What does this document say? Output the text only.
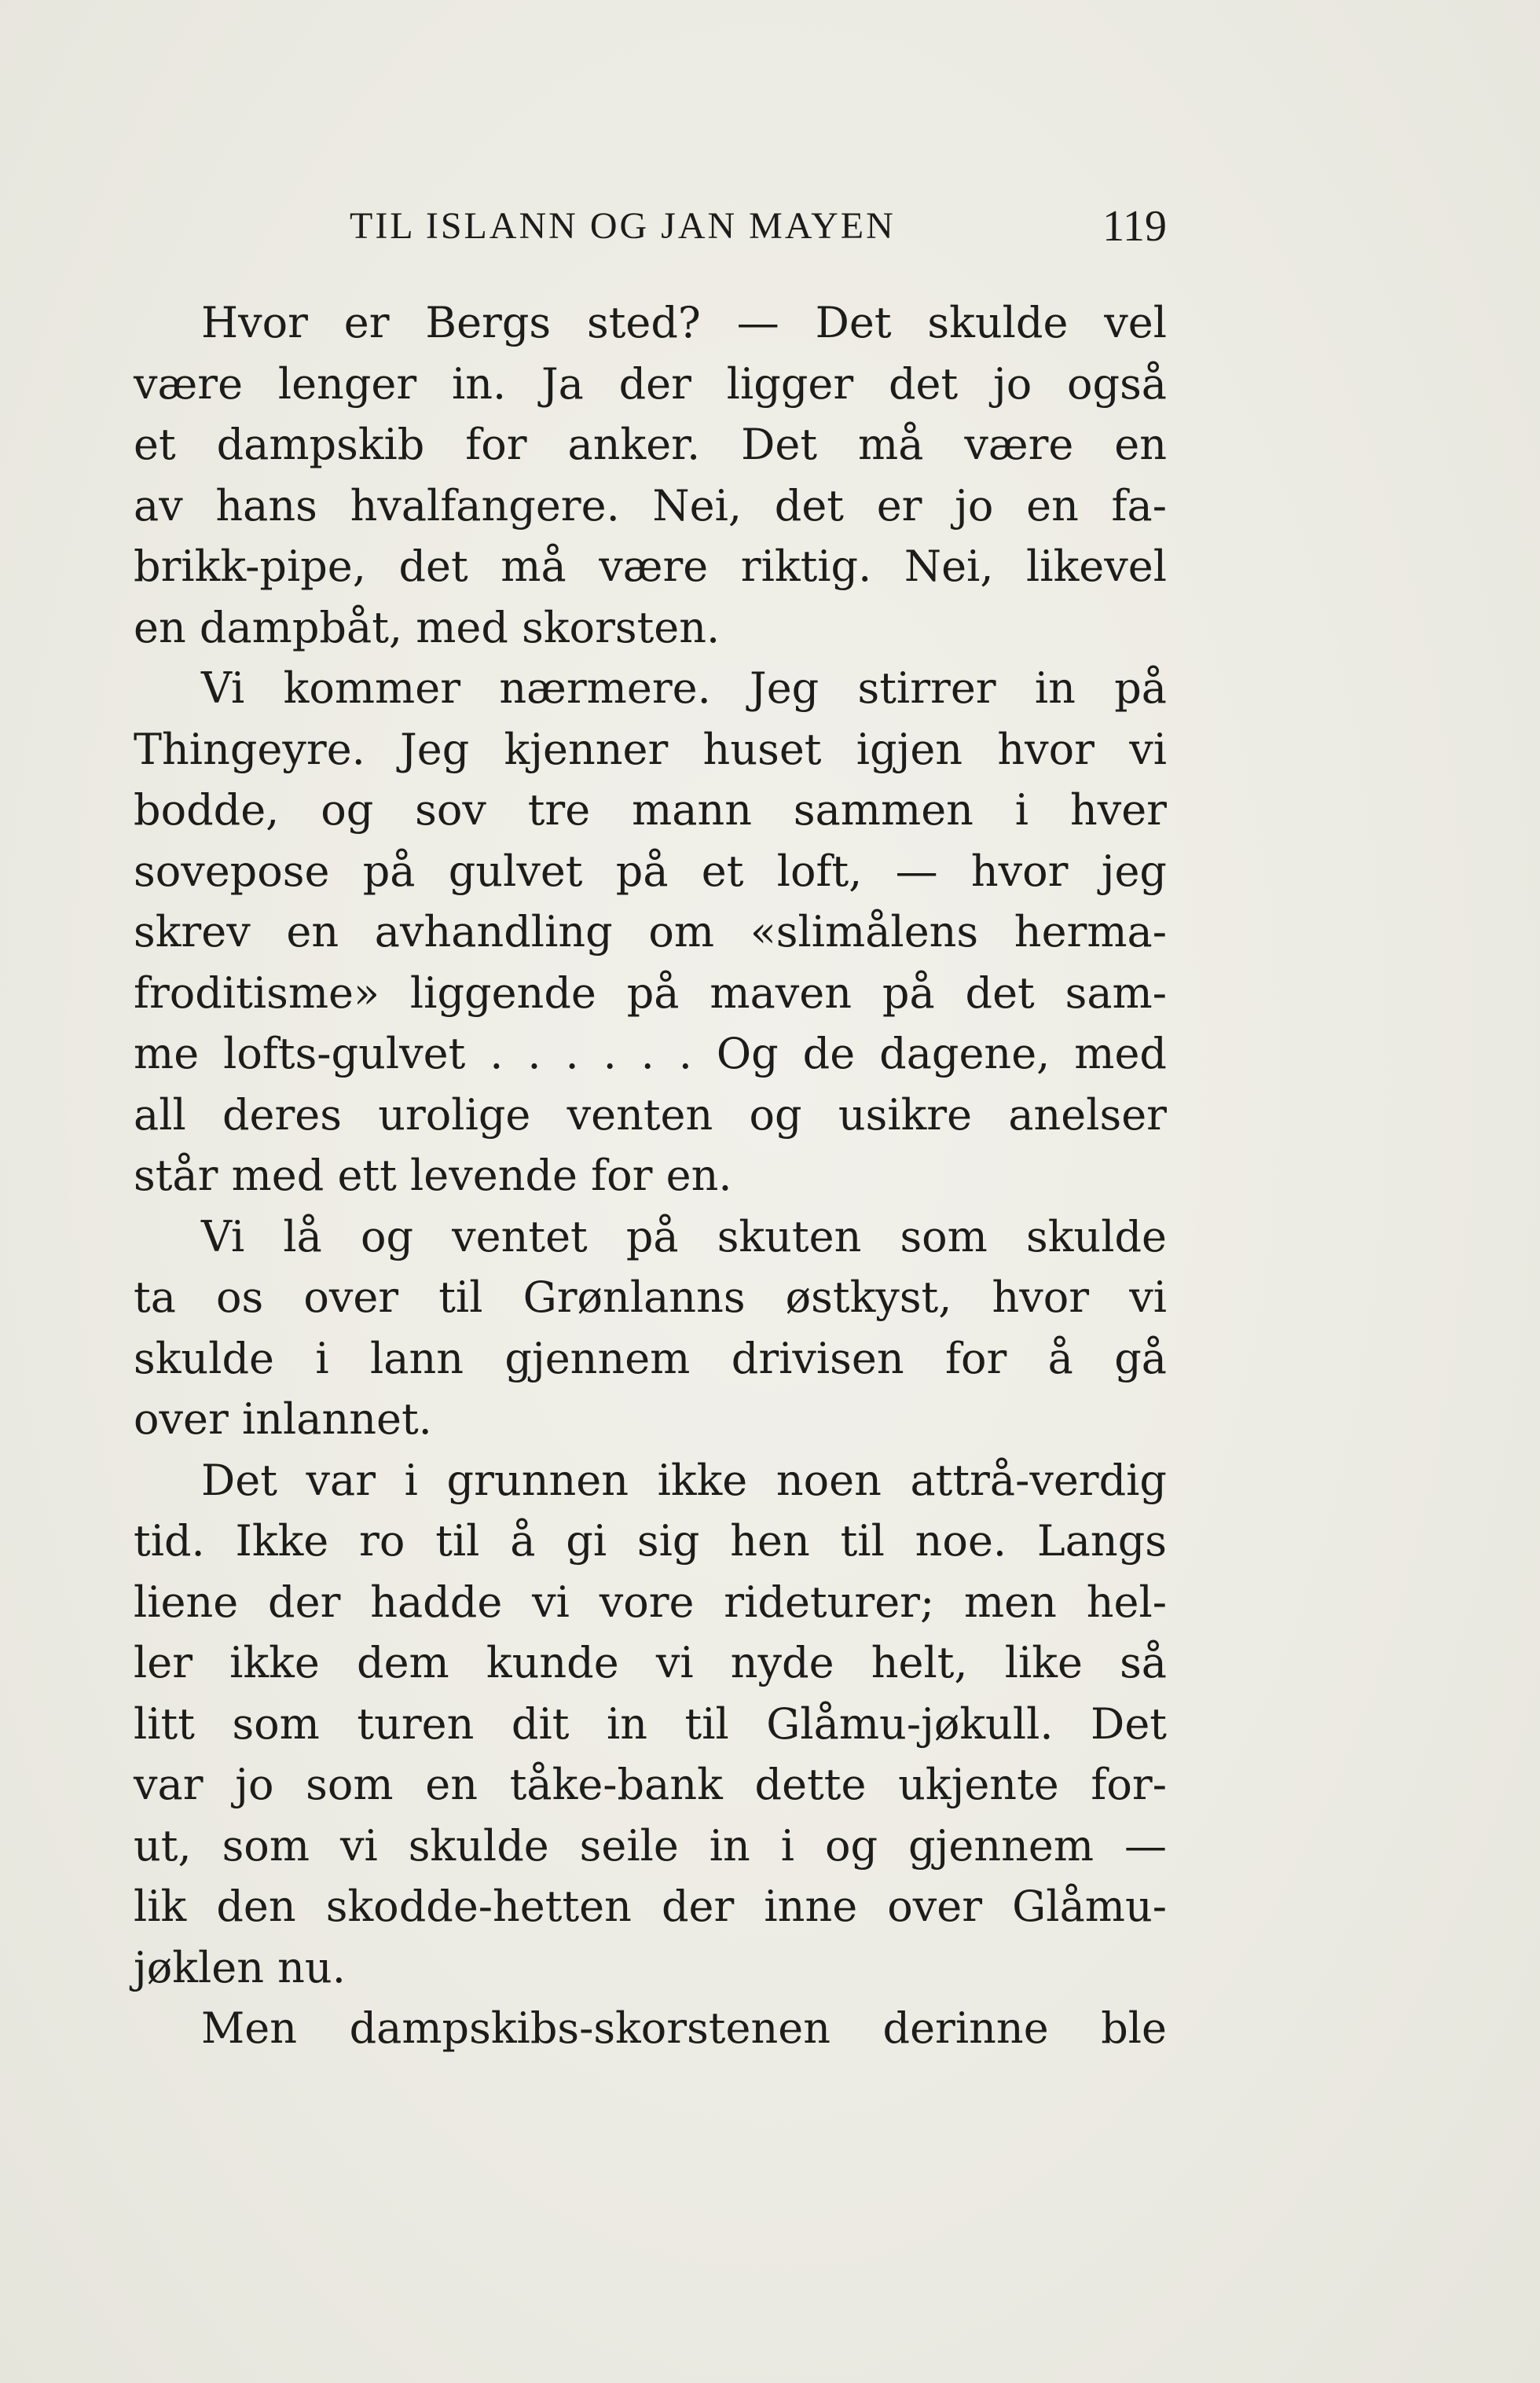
TIL ISLANN OG JAN MAYEN	119
Hvor er Bergs sted? — Det skulde vel
være lenger in. Ja der ligger det jo også
et dampskib for anker. Det må være en
av hans hvalfangere. Nei, det er jo en fa-
brikk-pipe, det må være riktig. Nei, likevel
en dampbåt, med skorsten.
Vi kommer nærmere. Jeg stirrer in på
Thingeyre. Jeg kjenner huset igjen hvor vi
bodde, og sov tre mann sammen i hver
sovepose på gulvet på et loft, — hvor jeg
skrev en avhandling om «slimålens herma-
froditisme» liggende på maven på det sam-
me lofts-gulvet . . . . . . Og de dagene, med
all deres urolige venten og usikre anelser
står med ett levende for en.
Vi lå og ventet på skuten som skulde
ta os over til Grønlanns østkyst, hvor vi
skulde i lann gjennem drivisen for å gå
over inlannet.
Det var i grunnen ikke noen attrå-verdig
tid. Ikke ro til å gi sig hen til noe. Langs
liene der hadde vi vore rideturer; men hel-
ler ikke dem kunde vi nyde helt, like så
litt som turen dit in til Glåmu-jøkull. Det
var jo som en tåke-bank dette ukjente for-
ut, som vi skulde seile in i og gjennem —
lik den skodde-hetten der inne over Glåmu-
jøklen nu.
Men dampskibs-skorstenen derinne ble
